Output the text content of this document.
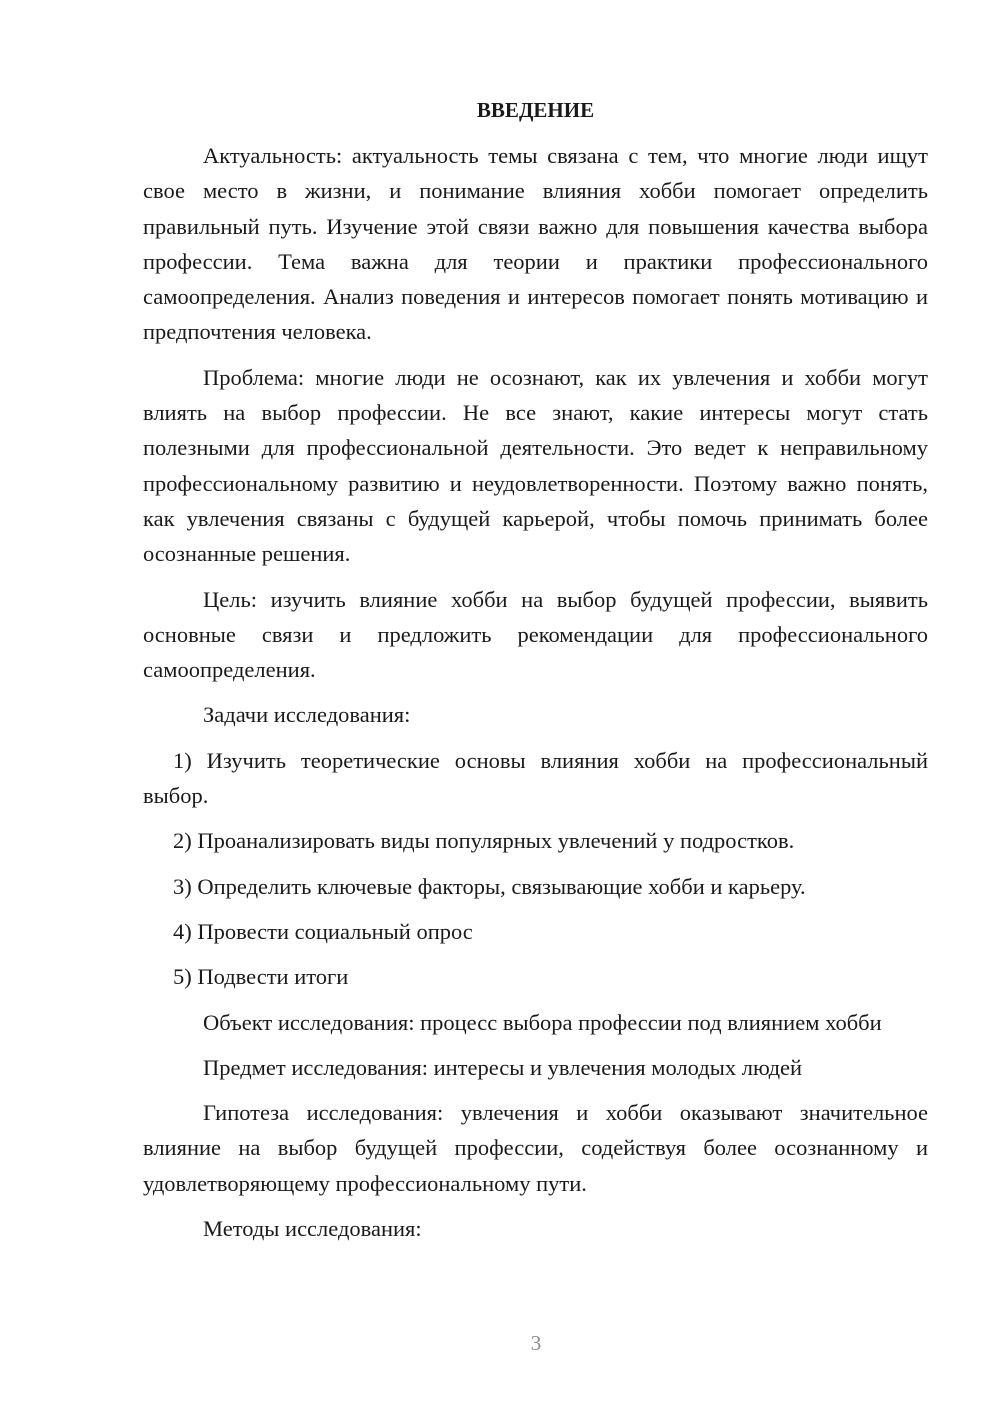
ВВЕДЕНИЕ

Актуальность: актуальность темы связана с тем, что многие люди ищут свое место в жизни, и понимание влияния хобби помогает определить правильный путь. Изучение этой связи важно для повышения качества выбора профессии. Тема важна для теории и практики профессионального самоопределения. Анализ поведения и интересов помогает понять мотивацию и предпочтения человека.

Проблема: многие люди не осознают, как их увлечения и хобби могут влиять на выбор профессии. Не все знают, какие интересы могут стать полезными для профессиональной деятельности. Это ведет к неправильному профессиональному развитию и неудовлетворенности. Поэтому важно понять, как увлечения связаны с будущей карьерой, чтобы помочь принимать более осознанные решения.

Цель: изучить влияние хобби на выбор будущей профессии, выявить основные связи и предложить рекомендации для профессионального самоопределения.

Задачи исследования:

1) Изучить теоретические основы влияния хобби на профессиональный выбор.

2) Проанализировать виды популярных увлечений у подростков.

3) Определить ключевые факторы, связывающие хобби и карьеру.

4) Провести социальный опрос

5) Подвести итоги

Объект исследования: процесс выбора профессии под влиянием хобби

Предмет исследования: интересы и увлечения молодых людей

Гипотеза исследования: увлечения и хобби оказывают значительное влияние на выбор будущей профессии, содействуя более осознанному и удовлетворяющему профессиональному пути.

Методы исследования:

3
